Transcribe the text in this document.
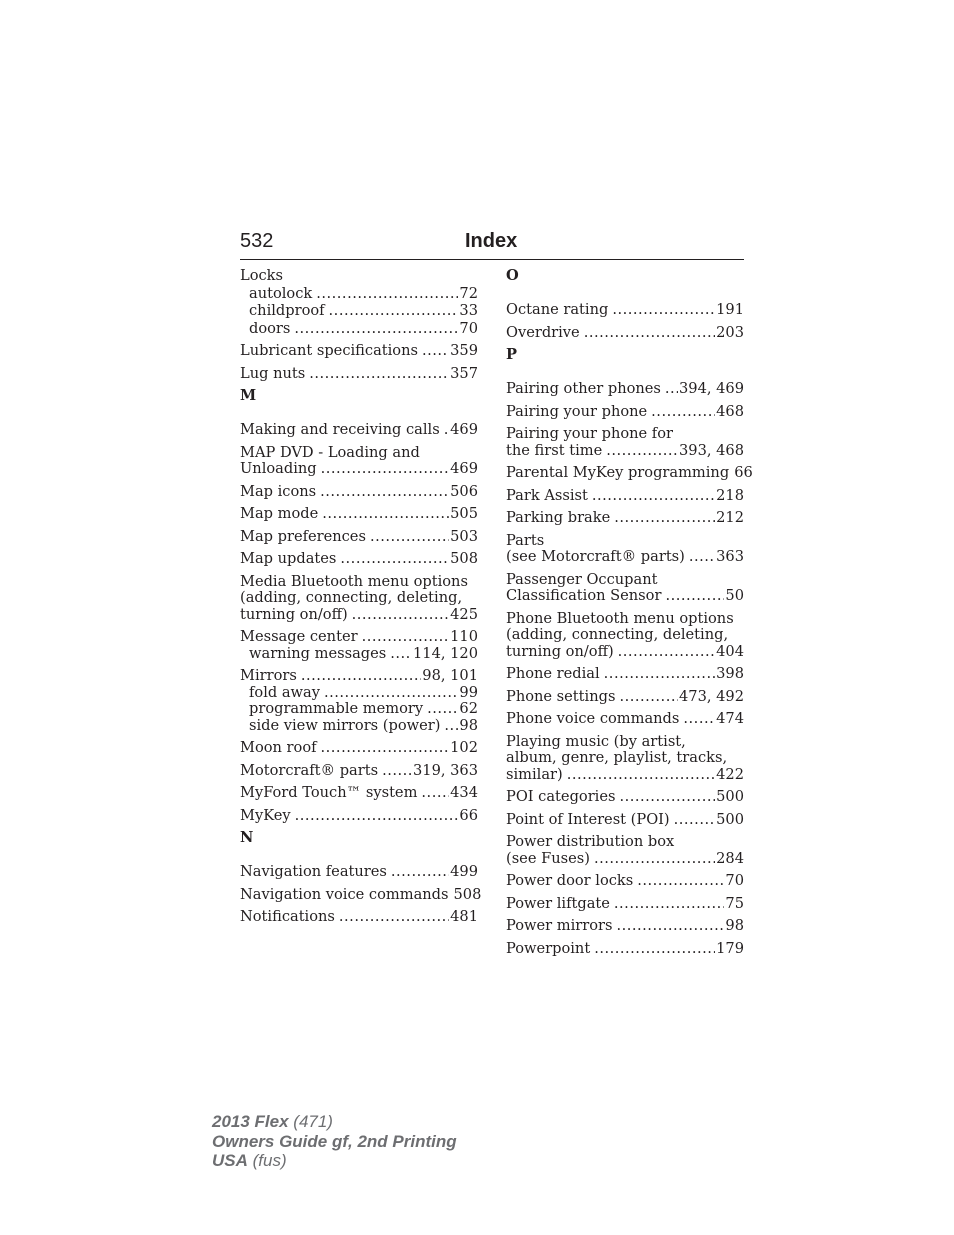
532	Index
Locks
autolock .....	72
childproof .....	33
doors .....	70
Lubricant specifications ..... 359
Lug nuts .....	357
M
Making and receiving calls ..... 469
MAP DVD - Loading and
Unloading .....	469
Map icons .....	506
Map mode .....	505
Map preferences .....	503
Map updates .....	508
Media Bluetooth menu options
(adding, connecting, deleting,
turning on/off) .....	425
Message center .....	110
warning messages ..... 114, 120
Mirrors .....	98, 101
fold away .....	99
programmable memory ..... 62
side view mirrors (power) ..... 98
Moon roof .....	102
Motorcraft® parts ..... 319, 363
MyFord Touch™ system ..... 434
MyKey .....	66
N
Navigation features .....	499
Navigation voice commands 508
Notifications .....	481
O
Octane rating .....	191
Overdrive .....	203
P
Pairing other phones ..... 394, 469
Pairing your phone .....	468
Pairing your phone for
the first time .....	393, 468
Parental MyKey programming 66
Park Assist .....	218
Parking brake .....	212
Parts
(see Motorcraft® parts) ..... 363
Passenger Occupant
Classification Sensor .....	50
Phone Bluetooth menu options
(adding, connecting, deleting,
turning on/off) .....	404
Phone redial .....	398
Phone settings .....	473, 492
Phone voice commands .....	474
Playing music (by artist,
album, genre, playlist, tracks,
similar) .....	422
POI categories .....	500
Point of Interest (POI) .....	500
Power distribution box
(see Fuses) .....	284
Power door locks .....	70
Power liftgate .....	75
Power mirrors .....	98
Powerpoint .....	179
2013 Flex (471)
Owners Guide gf, 2nd Printing
USA (fus)
